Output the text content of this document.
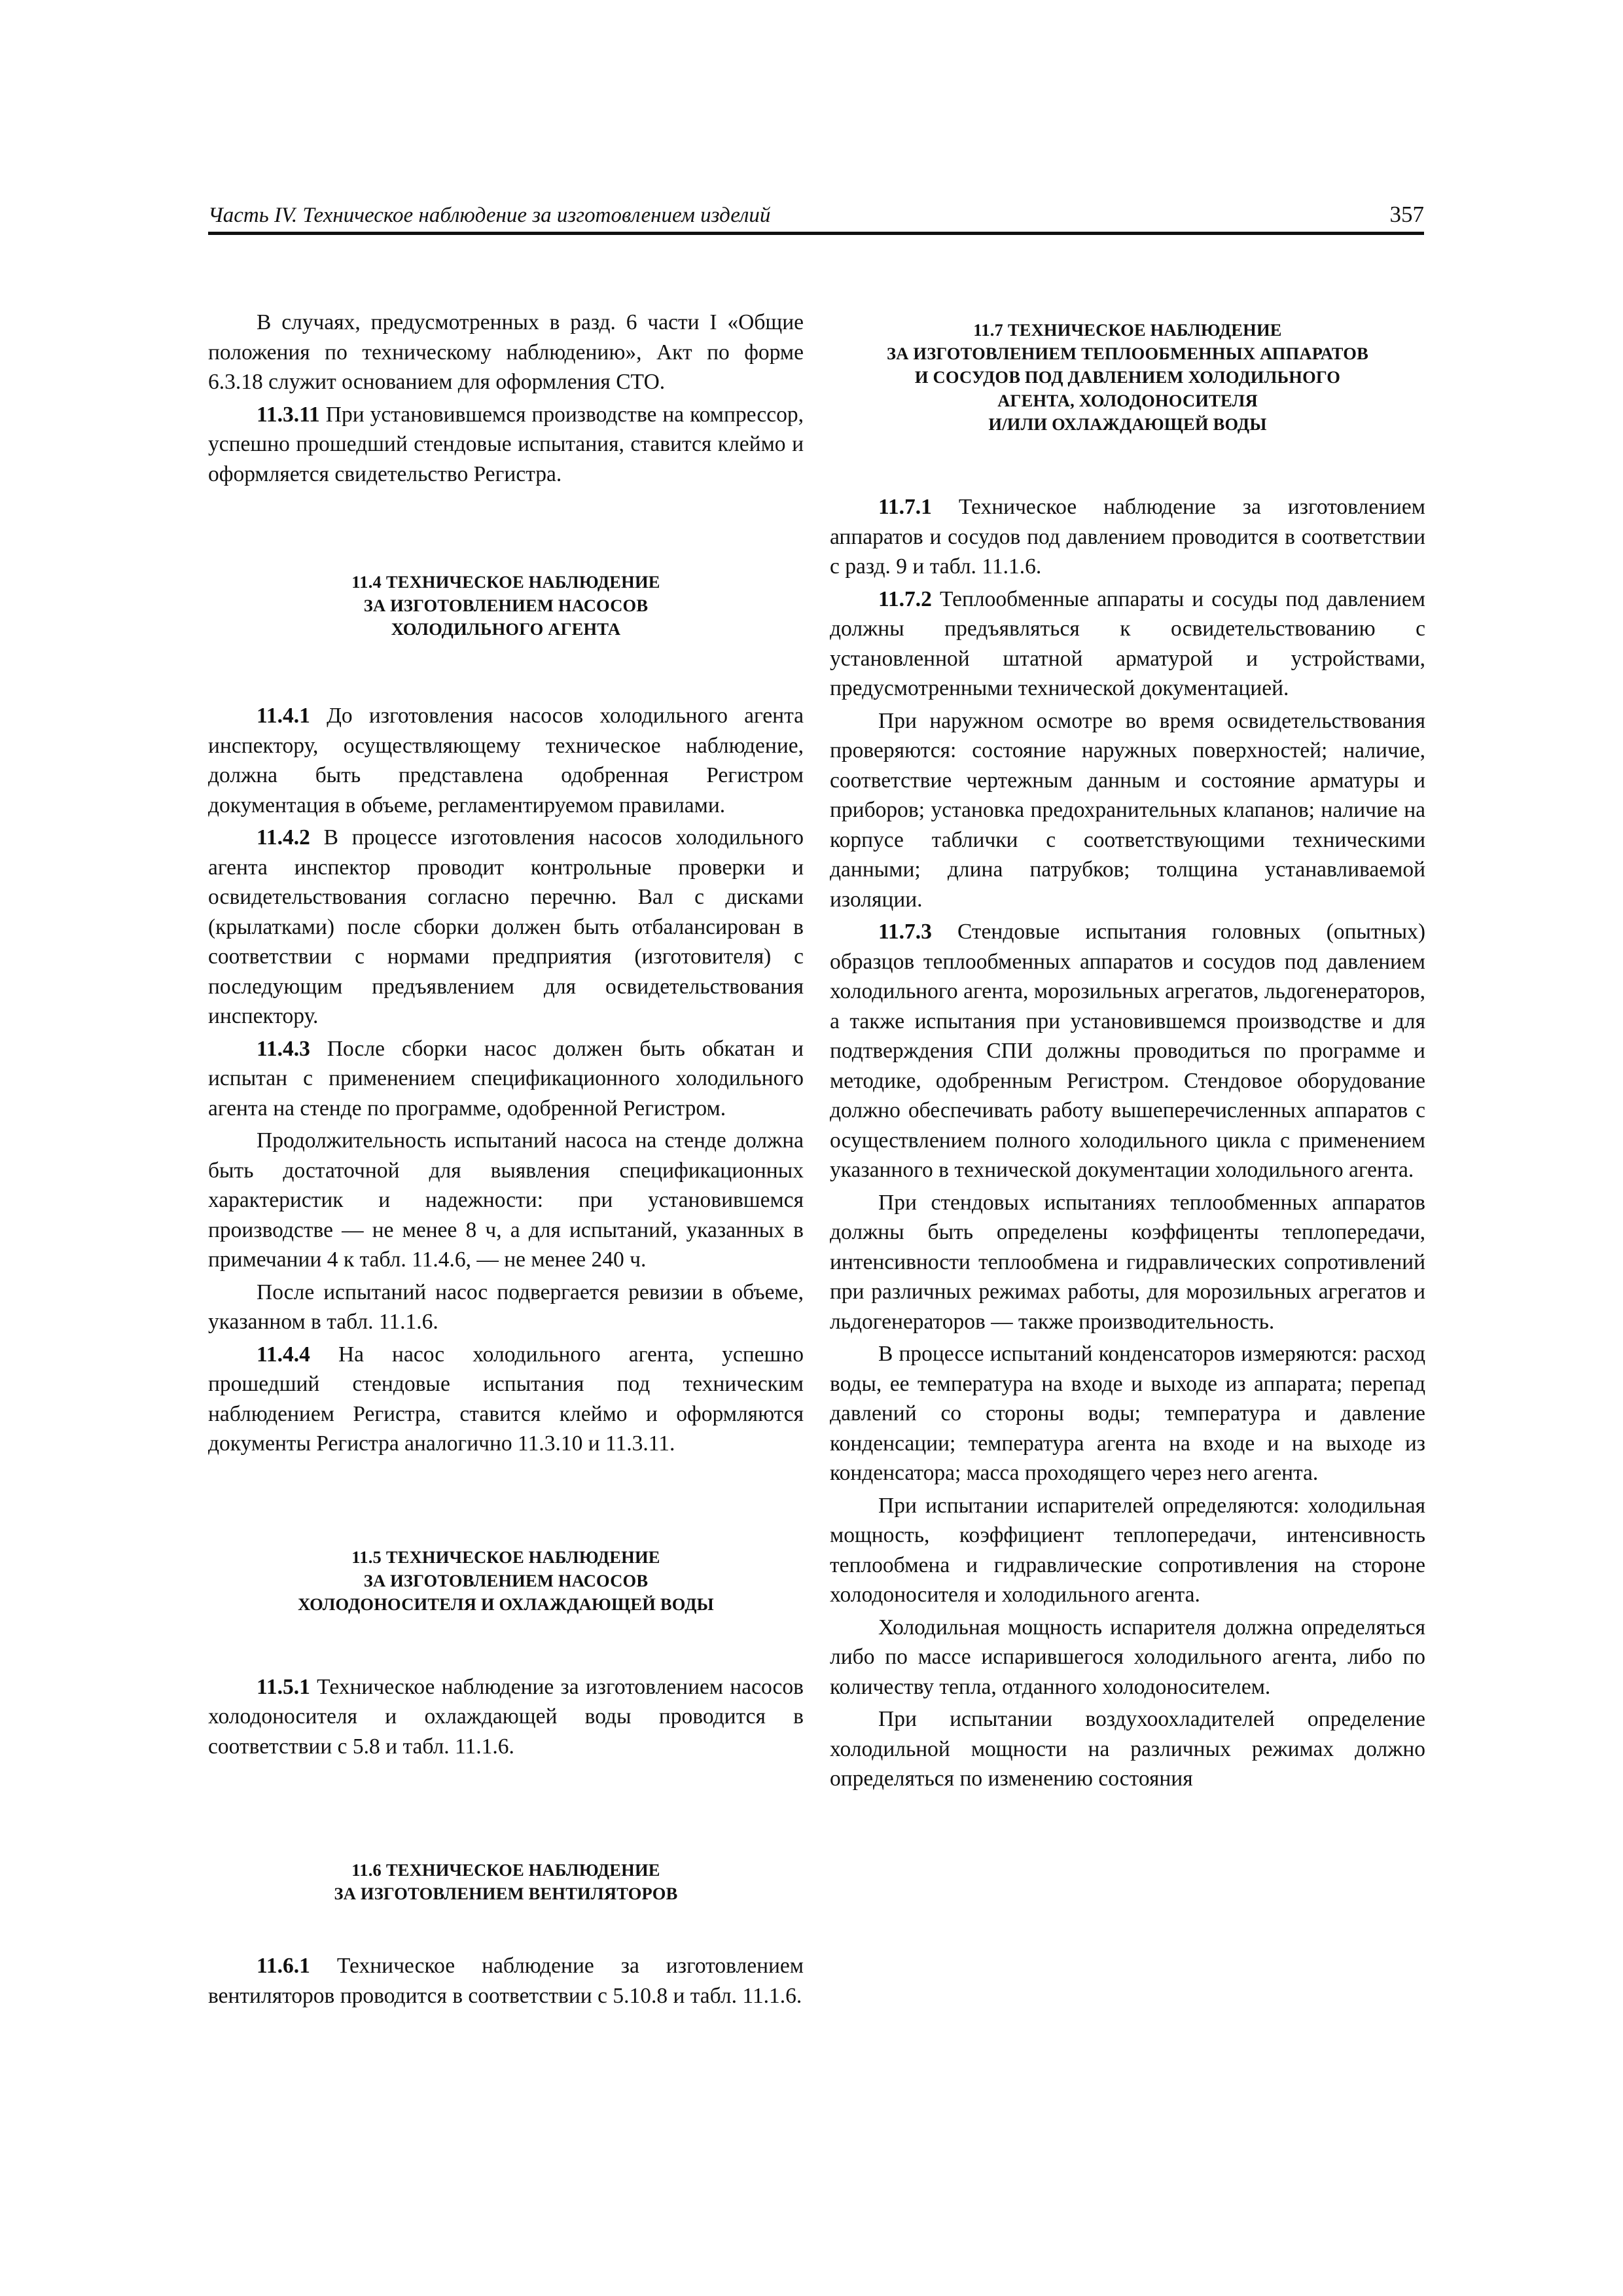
Часть IV. Техническое наблюдение за изготовлением изделий	357

В случаях, предусмотренных в разд. 6 части I «Общие положения по техническому наблюдению», Акт по форме 6.3.18 служит основанием для оформления СТО.

11.3.11 При установившемся производстве на компрессор, успешно прошедший стендовые испытания, ставится клеймо и оформляется свидетельство Регистра.

11.4 ТЕХНИЧЕСКОЕ НАБЛЮДЕНИЕ
ЗА ИЗГОТОВЛЕНИЕМ НАСОСОВ
ХОЛОДИЛЬНОГО АГЕНТА

11.4.1 До изготовления насосов холодильного агента инспектору, осуществляющему техническое наблюдение, должна быть представлена одобренная Регистром документация в объеме, регламентируемом правилами.

11.4.2 В процессе изготовления насосов холодильного агента инспектор проводит контрольные проверки и освидетельствования согласно перечню. Вал с дисками (крылатками) после сборки должен быть отбалансирован в соответствии с нормами предприятия (изготовителя) с последующим предъявлением для освидетельствования инспектору.

11.4.3 После сборки насос должен быть обкатан и испытан с применением спецификационного холодильного агента на стенде по программе, одобренной Регистром.

Продолжительность испытаний насоса на стенде должна быть достаточной для выявления спецификационных характеристик и надежности: при установившемся производстве — не менее 8 ч, а для испытаний, указанных в примечании 4 к табл. 11.4.6, — не менее 240 ч.

После испытаний насос подвергается ревизии в объеме, указанном в табл. 11.1.6.

11.4.4 На насос холодильного агента, успешно прошедший стендовые испытания под техническим наблюдением Регистра, ставится клеймо и оформляются документы Регистра аналогично 11.3.10 и 11.3.11.

11.5 ТЕХНИЧЕСКОЕ НАБЛЮДЕНИЕ
ЗА ИЗГОТОВЛЕНИЕМ НАСОСОВ
ХОЛОДОНОСИТЕЛЯ И ОХЛАЖДАЮЩЕЙ ВОДЫ

11.5.1 Техническое наблюдение за изготовлением насосов холодоносителя и охлаждающей воды проводится в соответствии с 5.8 и табл. 11.1.6.

11.6 ТЕХНИЧЕСКОЕ НАБЛЮДЕНИЕ
ЗА ИЗГОТОВЛЕНИЕМ ВЕНТИЛЯТОРОВ

11.6.1 Техническое наблюдение за изготовлением вентиляторов проводится в соответствии с 5.10.8 и табл. 11.1.6.

11.7 ТЕХНИЧЕСКОЕ НАБЛЮДЕНИЕ
ЗА ИЗГОТОВЛЕНИЕМ ТЕПЛООБМЕННЫХ АППАРАТОВ
И СОСУДОВ ПОД ДАВЛЕНИЕМ ХОЛОДИЛЬНОГО
АГЕНТА, ХОЛОДОНОСИТЕЛЯ
И/ИЛИ ОХЛАЖДАЮЩЕЙ ВОДЫ

11.7.1 Техническое наблюдение за изготовлением аппаратов и сосудов под давлением проводится в соответствии с разд. 9 и табл. 11.1.6.

11.7.2 Теплообменные аппараты и сосуды под давлением должны предъявляться к освидетельствованию с установленной штатной арматурой и устройствами, предусмотренными технической документацией.

При наружном осмотре во время освидетельствования проверяются: состояние наружных поверхностей; наличие, соответствие чертежным данным и состояние арматуры и приборов; установка предохранительных клапанов; наличие на корпусе таблички с соответствующими техническими данными; длина патрубков; толщина устанавливаемой изоляции.

11.7.3 Стендовые испытания головных (опытных) образцов теплообменных аппаратов и сосудов под давлением холодильного агента, морозильных агрегатов, льдогенераторов, а также испытания при установившемся производстве и для подтверждения СПИ должны проводиться по программе и методике, одобренным Регистром. Стендовое оборудование должно обеспечивать работу вышеперечисленных аппаратов с осуществлением полного холодильного цикла с применением указанного в технической документации холодильного агента.

При стендовых испытаниях теплообменных аппаратов должны быть определены коэффиценты теплопередачи, интенсивности теплообмена и гидравлических сопротивлений при различных режимах работы, для морозильных агрегатов и льдогенераторов — также производительность.

В процессе испытаний конденсаторов измеряются: расход воды, ее температура на входе и выходе из аппарата; перепад давлений со стороны воды; температура и давление конденсации; температура агента на входе и на выходе из конденсатора; масса проходящего через него агента.

При испытании испарителей определяются: холодильная мощность, коэффициент теплопередачи, интенсивность теплообмена и гидравлические сопротивления на стороне холодоносителя и холодильного агента.

Холодильная мощность испарителя должна определяться либо по массе испарившегося холодильного агента, либо по количеству тепла, отданного холодоносителем.

При испытании воздухоохладителей определение холодильной мощности на различных режимах должно определяться по изменению состояния
